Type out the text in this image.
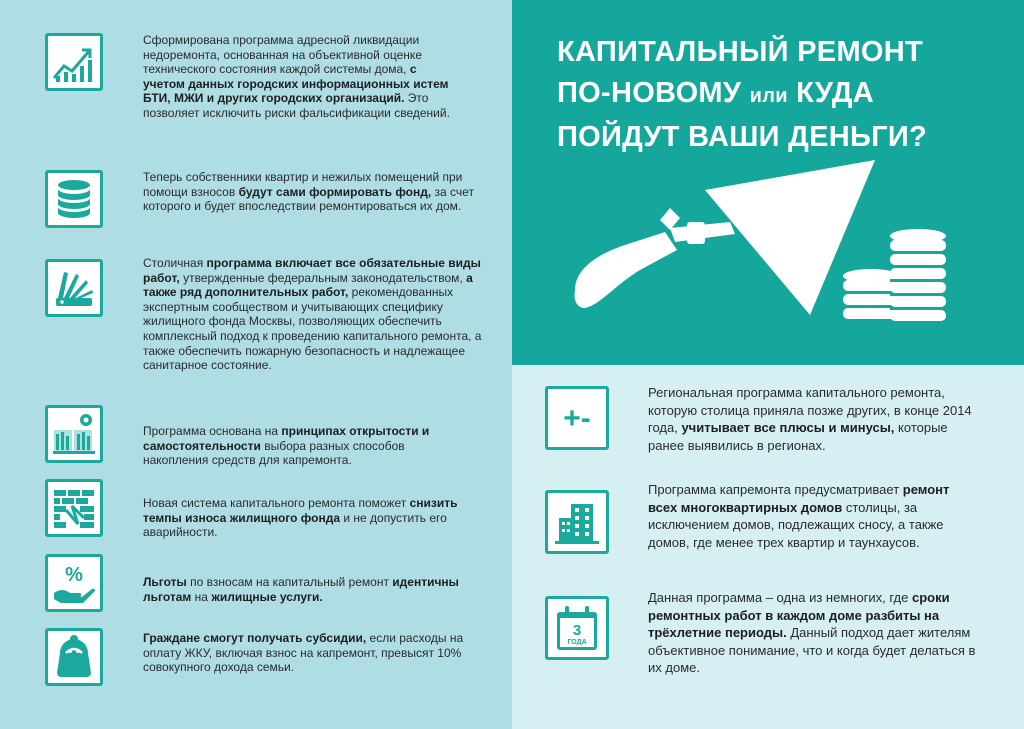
Сформирована программа адресной ликвидации недоремонта, основанная на объективной оценке технического состояния каждой системы дома, с учетом данных городских информационных истем БТИ, МЖИ и других городских организаций. Это позволяет исключить риски фальсификации сведений.
Теперь собственники квартир и нежилых помещений при помощи взносов будут сами формировать фонд, за счет которого и будет впоследствии ремонтироваться их дом.
Столичная программа включает все обязательные виды работ, утвержденные федеральным законодательством, а также ряд дополнительных работ, рекомендованных экспертным сообществом и учитывающих специфику жилищного фонда Москвы, позволяющих обеспечить комплексный подход к проведению капитального ремонта, а также обеспечить пожарную безопасность и надлежащее санитарное состояние.
Программа основана на принципах открытости и самостоятельности выбора разных способов накопления средств для капремонта.
Новая система капитального ремонта поможет снизить темпы износа жилищного фонда и не допустить его аварийности.
%	Льготы по взносам на капитальный ремонт идентичны льготам на жилищные услуги.
Граждане смогут получать субсидии, если расходы на оплату ЖКУ, включая взнос на капремонт, превысят 10% совокупного дохода семьи.
КАПИТАЛЬНЫЙ РЕМОНТ
ПО-НОВОМУ или КУДА
ПОЙДУТ ВАШИ ДЕНЬГИ?
+-
Региональная программа капитального ремонта, которую столица приняла позже других, в конце 2014 года, учитывает все плюсы и минусы, которые ранее выявились в регионах.
Программа капремонта предусматривает ремонт всех многоквартирных домов столицы, за исключением домов, подлежащих сносу, а также домов, где менее трех квартир и таунхаусов.
3
ГОДА
Данная программа – одна из немногих, где сроки ремонтных работ в каждом доме разбиты на трёхлетние периоды. Данный подход дает жителям объективное понимание, что и когда будет делаться в их доме.
